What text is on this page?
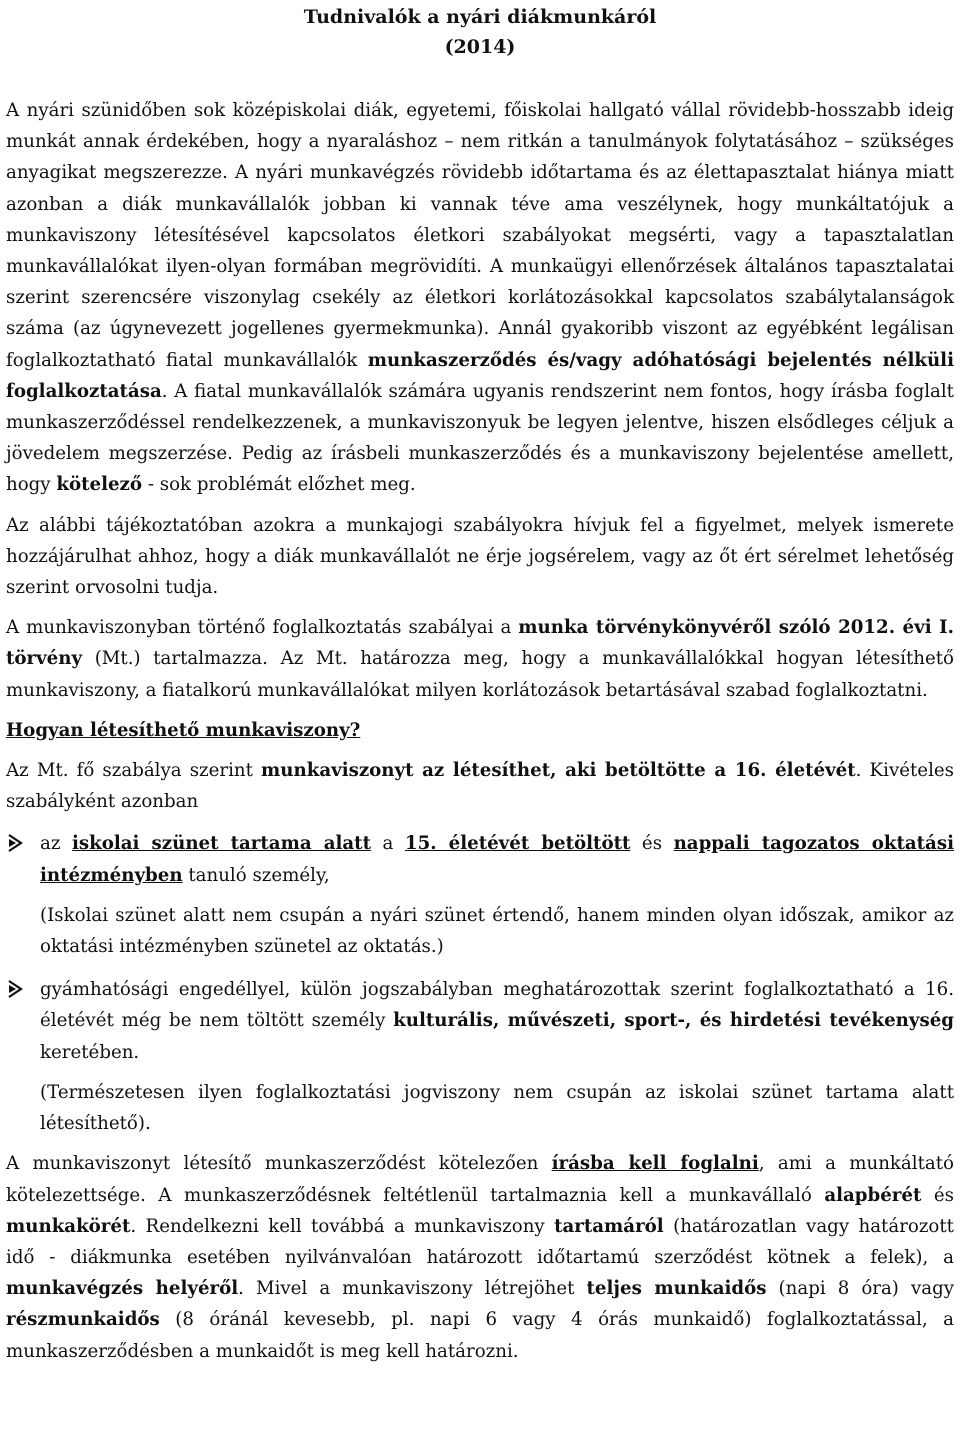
Tudnivalók a nyári diákmunkáról
(2014)

A nyári szünidőben sok középiskolai diák, egyetemi, főiskolai hallgató vállal rövidebb-hosszabb ideig munkát annak érdekében, hogy a nyaraláshoz – nem ritkán a tanulmányok folytatásához – szükséges anyagikat megszerezze. A nyári munkavégzés rövidebb időtartama és az élettapasztalat hiánya miatt azonban a diák munkavállalók jobban ki vannak téve ama veszélynek, hogy munkáltatójuk a munkaviszony létesítésével kapcsolatos életkori szabályokat megsérti, vagy a tapasztalatlan munkavállalókat ilyen-olyan formában megrövidíti. A munkaügyi ellenőrzések általános tapasztalatai szerint szerencsére viszonylag csekély az életkori korlátozásokkal kapcsolatos szabálytalanságok száma (az úgynevezett jogellenes gyermekmunka). Annál gyakoribb viszont az egyébként legálisan foglalkoztatható fiatal munkavállalók munkaszerződés és/vagy adóhatósági bejelentés nélküli foglalkoztatása. A fiatal munkavállalók számára ugyanis rendszerint nem fontos, hogy írásba foglalt munkaszerződéssel rendelkezzenek, a munkaviszonyuk be legyen jelentve, hiszen elsődleges céljuk a jövedelem megszerzése. Pedig az írásbeli munkaszerződés és a munkaviszony bejelentése amellett, hogy kötelező - sok problémát előzhet meg.

Az alábbi tájékoztatóban azokra a munkajogi szabályokra hívjuk fel a figyelmet, melyek ismerete hozzájárulhat ahhoz, hogy a diák munkavállalót ne érje jogsérelem, vagy az őt ért sérelmet lehetőség szerint orvosolni tudja.

A munkaviszonyban történő foglalkoztatás szabályai a munka törvénykönyvéről szóló 2012. évi I. törvény (Mt.) tartalmazza. Az Mt. határozza meg, hogy a munkavállalókkal hogyan létesíthető munkaviszony, a fiatalkorú munkavállalókat milyen korlátozások betartásával szabad foglalkoztatni.

Hogyan létesíthető munkaviszony?

Az Mt. fő szabálya szerint munkaviszonyt az létesíthet, aki betöltötte a 16. életévét. Kivételes szabályként azonban

az iskolai szünet tartama alatt a 15. életévét betöltött és nappali tagozatos oktatási intézményben tanuló személy,

(Iskolai szünet alatt nem csupán a nyári szünet értendő, hanem minden olyan időszak, amikor az oktatási intézményben szünetel az oktatás.)

gyámhatósági engedéllyel, külön jogszabályban meghatározottak szerint foglalkoztatható a 16. életévét még be nem töltött személy kulturális, művészeti, sport-, és hirdetési tevékenység keretében.

(Természetesen ilyen foglalkoztatási jogviszony nem csupán az iskolai szünet tartama alatt létesíthető).

A munkaviszonyt létesítő munkaszerződést kötelezően írásba kell foglalni, ami a munkáltató kötelezettsége. A munkaszerződésnek feltétlenül tartalmaznia kell a munkavállaló alapbérét és munkakörét. Rendelkezni kell továbbá a munkaviszony tartamáról (határozatlan vagy határozott idő - diákmunka esetében nyilvánvalóan határozott időtartamú szerződést kötnek a felek), a munkavégzés helyéről. Mivel a munkaviszony létrejöhet teljes munkaidős (napi 8 óra) vagy részmunkaidős (8 óránál kevesebb, pl. napi 6 vagy 4 órás munkaidő) foglalkoztatással, a munkaszerződésben a munkaidőt is meg kell határozni.
